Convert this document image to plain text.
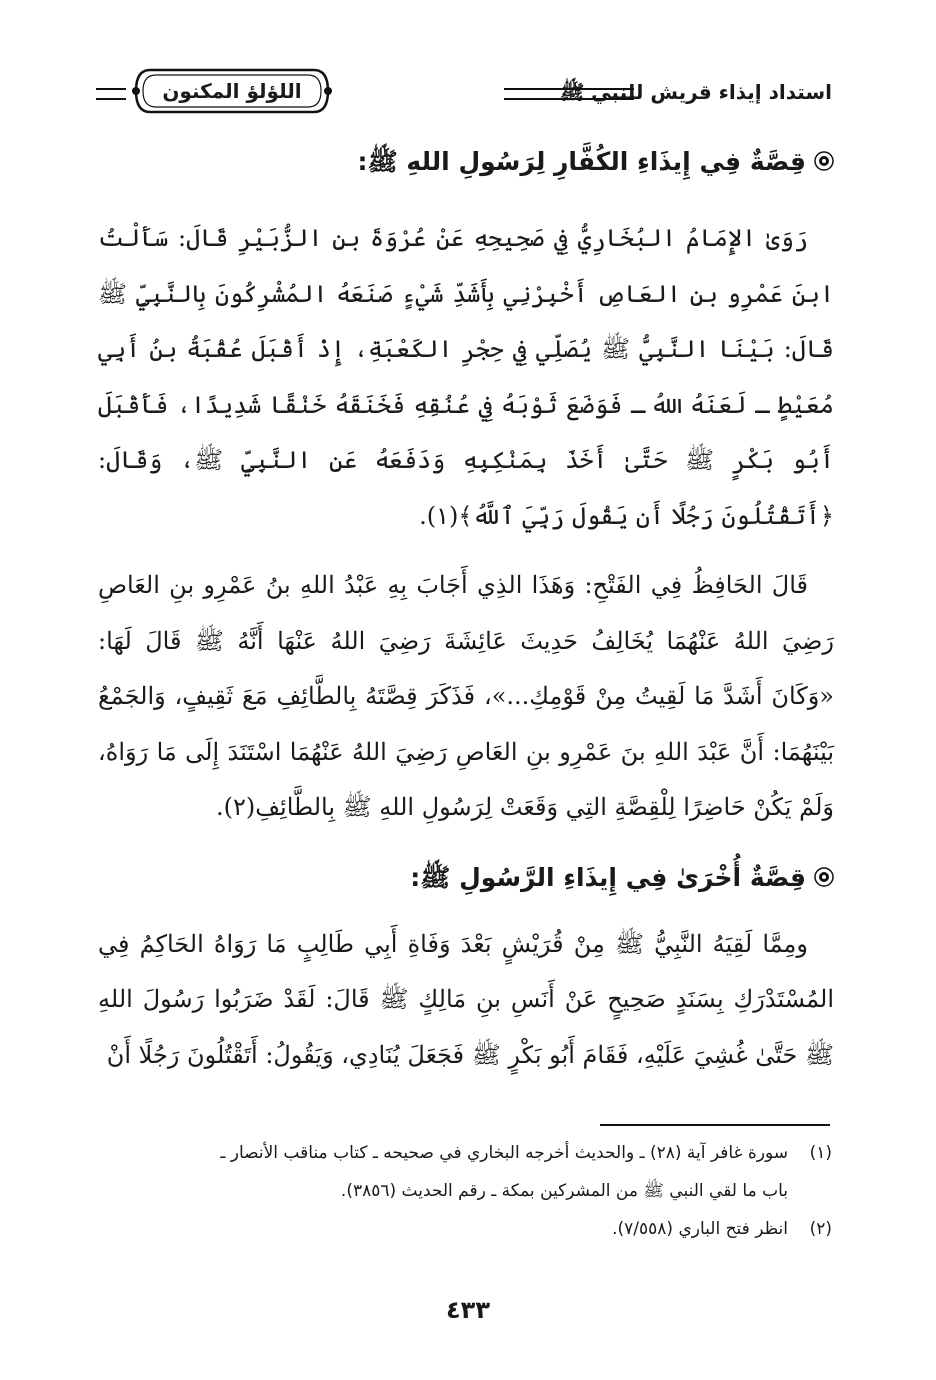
استداد إيذاء قريش للنبي ﷺ
اللؤلؤ المكنون

قِصَّةٌ فِي إِيذَاءِ الكُفَّارِ لِرَسُولِ اللهِ ﷺ:

رَوَىٰ الإِمَامُ البُخَارِيُّ فِي صَحِيحِهِ عَنْ عُرْوَةَ بنِ الزُّبَيْرِ قَالَ: سَأَلْتُ ابنَ عَمْرِو بنِ العَاصِ أَخْبِرْنِي بِأَشَدِّ شَيْءٍ صَنَعَهُ المُشْرِكُونَ بِالنَّبِيِّ ﷺ قَالَ: بَيْنَا النَّبِيُّ ﷺ يُصَلِّي فِي حِجْرِ الكَعْبَةِ، إِذْ أَقْبَلَ عُقْبَةُ بنُ أَبِي مُعَيْطٍ ـ لَعَنَهُ اللهُ ـ فَوَضَعَ ثَوْبَهُ فِي عُنُقِهِ فَخَنَقَهُ خَنْقًا شَدِيدًا، فَأَقْبَلَ أَبُو بَكْرٍ ﷺ حَتَّىٰ أَخَذَ بِمَنْكِبِهِ وَدَفَعَهُ عَنِ النَّبِيِّ ﷺ، وَقَالَ: ﴿أَتَقْتُلُونَ رَجُلًا أَن يَقُولَ رَبِّيَ ٱللَّهُ﴾(١).

قَالَ الحَافِظُ فِي الفَتْحِ: وَهَذَا الذِي أَجَابَ بِهِ عَبْدُ اللهِ بنُ عَمْرِو بنِ العَاصِ رَضِيَ اللهُ عَنْهُمَا يُخَالِفُ حَدِيثَ عَائِشَةَ رَضِيَ اللهُ عَنْهَا أَنَّهُ ﷺ قَالَ لَهَا: «وَكَانَ أَشَدَّ مَا لَقِيتُ مِنْ قَوْمِكِ...»، فَذَكَرَ قِصَّتَهُ بِالطَّائِفِ مَعَ ثَقِيفٍ، وَالجَمْعُ بَيْنَهُمَا: أَنَّ عَبْدَ اللهِ بنَ عَمْرِو بنِ العَاصِ رَضِيَ اللهُ عَنْهُمَا اسْتَنَدَ إِلَى مَا رَوَاهُ، وَلَمْ يَكُنْ حَاضِرًا لِلْقِصَّةِ التِي وَقَعَتْ لِرَسُولِ اللهِ ﷺ بِالطَّائِفِ(٢).

قِصَّةٌ أُخْرَىٰ فِي إِيذَاءِ الرَّسُولِ ﷺ:

ومِمَّا لَقِيَهُ النَّبِيُّ ﷺ مِنْ قُرَيْشٍ بَعْدَ وَفَاةِ أَبِي طَالِبٍ مَا رَوَاهُ الحَاكِمُ فِي المُسْتَدْرَكِ بِسَنَدٍ صَحِيحٍ عَنْ أَنَسِ بنِ مَالِكٍ ﷺ قَالَ: لَقَدْ ضَرَبُوا رَسُولَ اللهِ ﷺ حَتَّىٰ غُشِيَ عَلَيْهِ، فَقَامَ أَبُو بَكْرٍ ﷺ فَجَعَلَ يُنَادِي، وَيَقُولُ: أَتَقْتُلُونَ رَجُلًا أَنْ

(١)سورة غافر آية (٢٨) ـ والحديث أخرجه البخاري في صحيحه ـ كتاب مناقب الأنصار ـ

باب ما لقي النبي ﷺ من المشركين بمكة ـ رقم الحديث (٣٨٥٦).

(٢)انظر فتح الباري (٧/٥٥٨).

٤٣٣
